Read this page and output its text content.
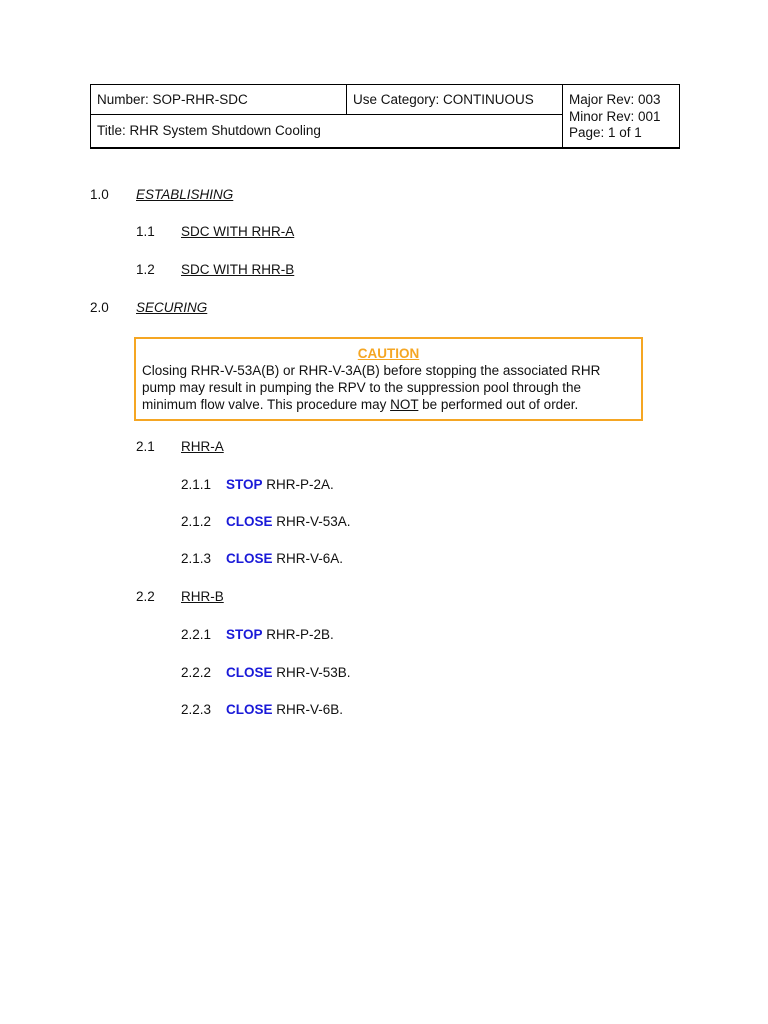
Number: SOP-RHR-SDC	Use Category: CONTINUOUS	Major Rev: 003
Minor Rev: 001
Page: 1 of 1

Title: RHR System Shutdown Cooling
1.0 ESTABLISHING
1.1 SDC WITH RHR-A
1.2 SDC WITH RHR-B
2.0 SECURING
CAUTION
Closing RHR-V-53A(B) or RHR-V-3A(B) before stopping the associated RHR
pump may result in pumping the RPV to the suppression pool through the
minimum flow valve. This procedure may NOT be performed out of order.
2.1 RHR-A
2.1.1 STOP RHR-P-2A.
2.1.2 CLOSE RHR-V-53A.
2.1.3 CLOSE RHR-V-6A.
2.2 RHR-B
2.2.1 STOP RHR-P-2B.
2.2.2 CLOSE RHR-V-53B.
2.2.3 CLOSE RHR-V-6B.
